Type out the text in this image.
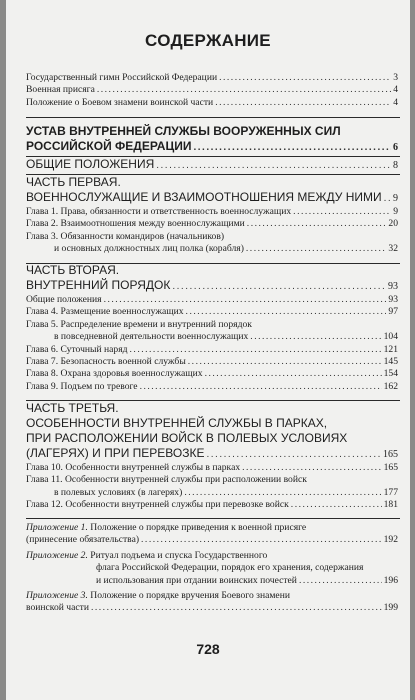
СОДЕРЖАНИЕ
Государственный гимн Российской Федерации .....	3
Военная присяга .....	4
Положение о Боевом знамени воинской части .....	4
УСТАВ ВНУТРЕННЕЙ СЛУЖБЫ ВООРУЖЕННЫХ СИЛ
РОССИЙСКОЙ ФЕДЕРАЦИИ .....	6
ОБЩИЕ ПОЛОЖЕНИЯ .....	8
ЧАСТЬ ПЕРВАЯ.
ВОЕННОСЛУЖАЩИЕ И ВЗАИМООТНОШЕНИЯ МЕЖДУ НИМИ ..... 9
Глава 1. Права, обязанности и ответственность военнослужащих .....	9
Глава 2. Взаимоотношения между военнослужащими .....	20
Глава 3. Обязанности командиров (начальников)
и основных должностных лиц полка (корабля) .....	32
ЧАСТЬ ВТОРАЯ.
ВНУТРЕННИЙ ПОРЯДОК .....	93
Общие положения .....	93
Глава 4. Размещение военнослужащих .....	97
Глава 5. Распределение времени и внутренний порядок
в повседневной деятельности военнослужащих .....	104
Глава 6. Суточный наряд .....	121
Глава 7. Безопасность военной службы .....	145
Глава 8. Охрана здоровья военнослужащих .....	154
Глава 9. Подъем по тревоге .....	162
ЧАСТЬ ТРЕТЬЯ.
ОСОБЕННОСТИ ВНУТРЕННЕЙ СЛУЖБЫ В ПАРКАХ,
ПРИ РАСПОЛОЖЕНИИ ВОЙСК В ПОЛЕВЫХ УСЛОВИЯХ
(ЛАГЕРЯХ) И ПРИ ПЕРЕВОЗКЕ .....	165
Глава 10. Особенности внутренней службы в парках .....	165
Глава 11. Особенности внутренней службы при расположении войск
в полевых условиях (в лагерях) .....	177
Глава 12. Особенности внутренней службы при перевозке войск .....	181
Приложение 1. Положение о порядке приведения к военной присяге
(принесение обязательства) .....	192
Приложение 2. Ритуал подъема и спуска Государственного
флага Российской Федерации, порядок его хранения, содержания
и использования при отдании воинских почестей .....	196
Приложение 3. Положение о порядке вручения Боевого знамени
воинской части .....	199
728
